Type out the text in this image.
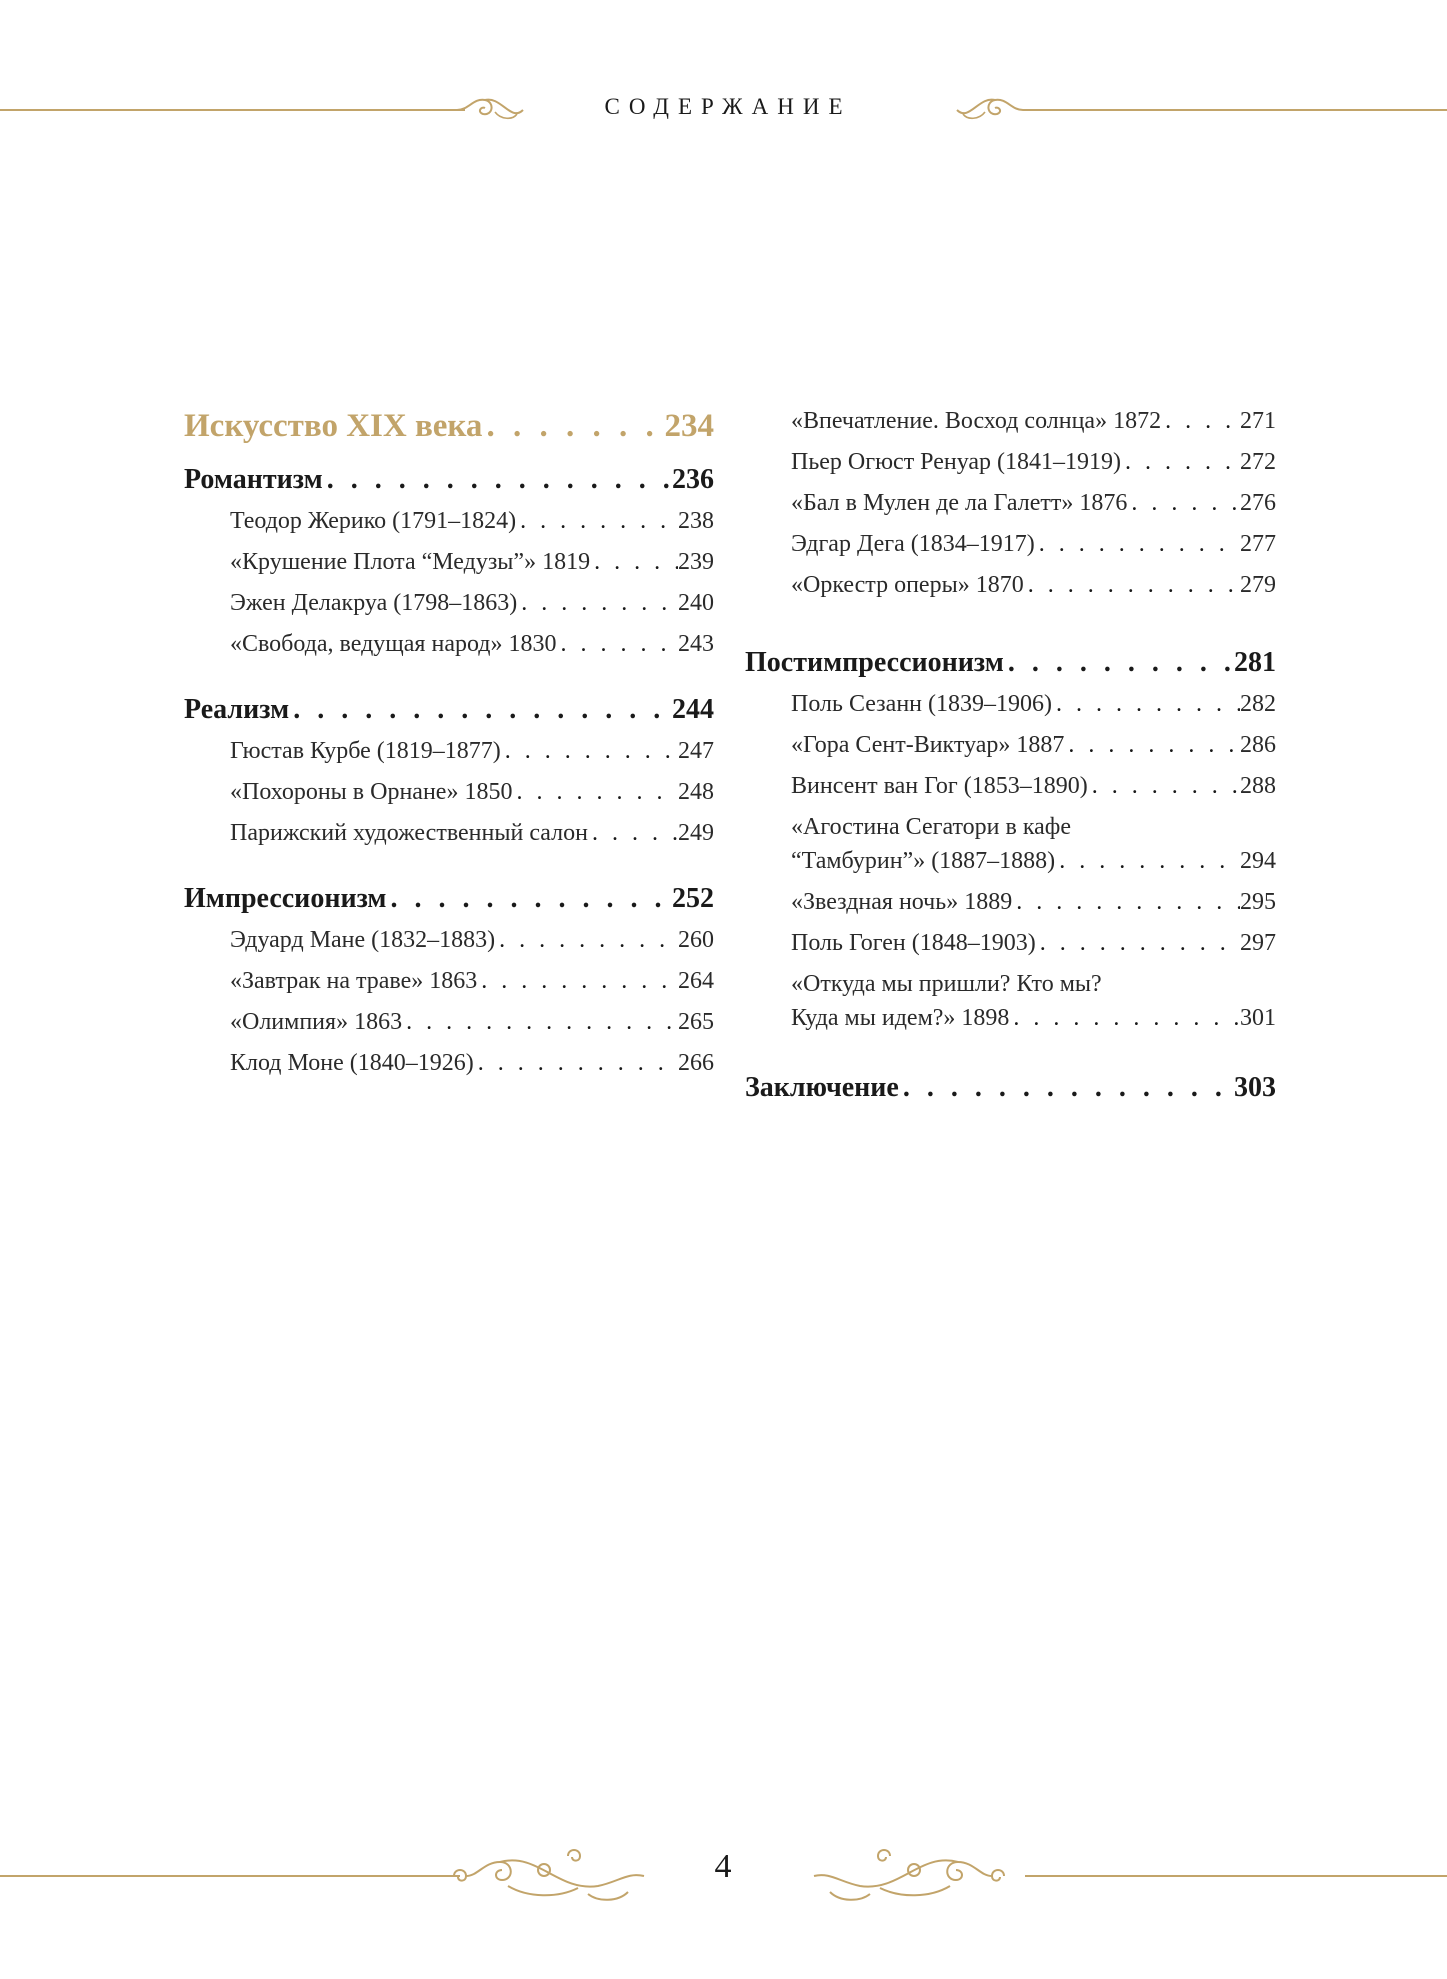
СОДЕРЖАНИЕ
Искусство XIX века . . .	234
Романтизм . . .	236
Теодор Жерико (1791–1824) . . .	238
«Крушение Плота “Медузы”» 1819 . . .	239
Эжен Делакруа (1798–1863) . . .	240
«Свобода, ведущая народ» 1830 . . .	243
Реализм . . .	244
Гюстав Курбе (1819–1877) . . .	247
«Похороны в Орнане» 1850 . . .	248
Парижский художественный салон . . .	249
Импрессионизм . . .	252
Эдуард Мане (1832–1883) . . .	260
«Завтрак на траве» 1863 . . .	264
«Олимпия» 1863 . . .	265
Клод Моне (1840–1926) . . .	266
«Впечатление. Восход солнца» 1872 . . .	271
Пьер Огюст Ренуар (1841–1919) . . .	272
«Бал в Мулен де ла Галетт» 1876 . . .	276
Эдгар Дега (1834–1917) . . .	277
«Оркестр оперы» 1870 . . .	279
Постимпрессионизм . . .	281
Поль Сезанн (1839–1906) . . .	282
«Гора Сент-Виктуар» 1887 . . .	286
Винсент ван Гог (1853–1890) . . .	288
«Агостина Сегатори в кафе
“Тамбурин”» (1887–1888) . . .	294
«Звездная ночь» 1889 . . .	295
Поль Гоген (1848–1903) . . .	297
«Откуда мы пришли? Кто мы?
Куда мы идем?» 1898 . . .	301
Заключение . . .	303
4
